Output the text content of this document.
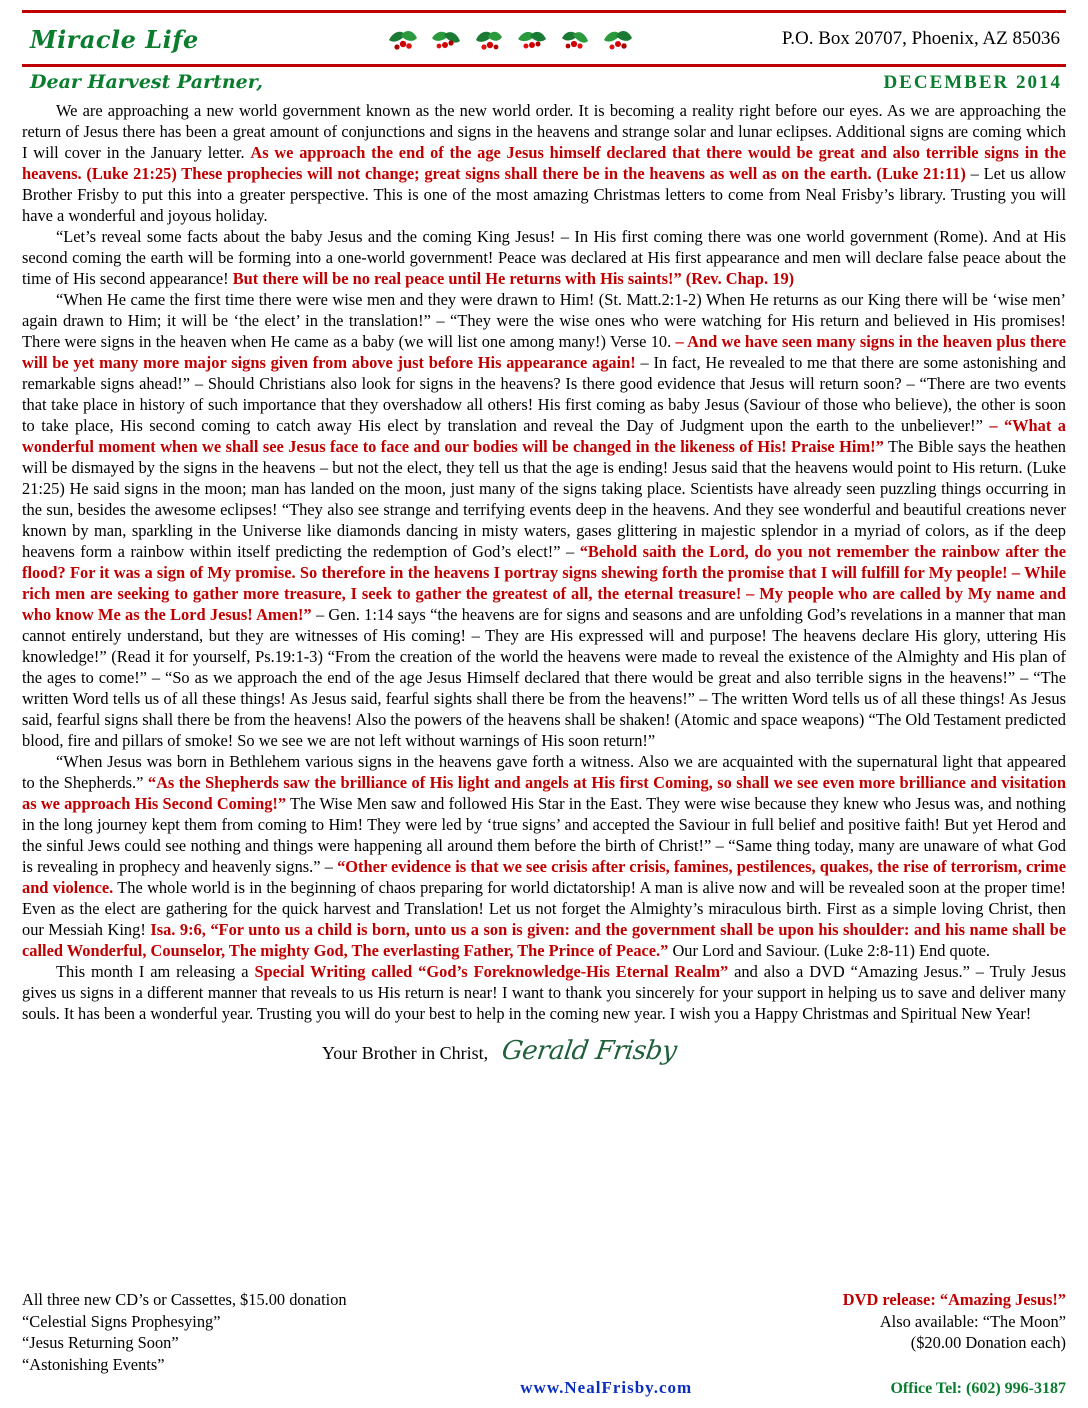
Miracle Life	P.O. Box 20707, Phoenix, AZ 85036
Dear Harvest Partner,	DECEMBER 2014

We are approaching a new world government known as the new world order. It is becoming a reality right before our eyes. As we are approaching the return of Jesus there has been a great amount of conjunctions and signs in the heavens and strange solar and lunar eclipses. Additional signs are coming which I will cover in the January letter. As we approach the end of the age Jesus himself declared that there would be great and also terrible signs in the heavens. (Luke 21:25) These prophecies will not change; great signs shall there be in the heavens as well as on the earth. (Luke 21:11) – Let us allow Brother Frisby to put this into a greater perspective. This is one of the most amazing Christmas letters to come from Neal Frisby’s library. Trusting you will have a wonderful and joyous holiday.

“Let’s reveal some facts about the baby Jesus and the coming King Jesus! – In His first coming there was one world government (Rome). And at His second coming the earth will be forming into a one-world government! Peace was declared at His first appearance and men will declare false peace about the time of His second appearance! But there will be no real peace until He returns with His saints!” (Rev. Chap. 19)

“When He came the first time there were wise men and they were drawn to Him! (St. Matt.2:1-2) When He returns as our King there will be ‘wise men’ again drawn to Him; it will be ‘the elect’ in the translation!” – “They were the wise ones who were watching for His return and believed in His promises! There were signs in the heaven when He came as a baby (we will list one among many!) Verse 10. – And we have seen many signs in the heaven plus there will be yet many more major signs given from above just before His appearance again! – In fact, He revealed to me that there are some astonishing and remarkable signs ahead!” – Should Christians also look for signs in the heavens? Is there good evidence that Jesus will return soon? – “There are two events that take place in history of such importance that they overshadow all others! His first coming as baby Jesus (Saviour of those who believe), the other is soon to take place, His second coming to catch away His elect by translation and reveal the Day of Judgment upon the earth to the unbeliever!” – “What a wonderful moment when we shall see Jesus face to face and our bodies will be changed in the likeness of His! Praise Him!” The Bible says the heathen will be dismayed by the signs in the heavens – but not the elect, they tell us that the age is ending! Jesus said that the heavens would point to His return. (Luke 21:25) He said signs in the moon; man has landed on the moon, just many of the signs taking place. Scientists have already seen puzzling things occurring in the sun, besides the awesome eclipses! “They also see strange and terrifying events deep in the heavens. And they see wonderful and beautiful creations never known by man, sparkling in the Universe like diamonds dancing in misty waters, gases glittering in majestic splendor in a myriad of colors, as if the deep heavens form a rainbow within itself predicting the redemption of God’s elect!” – “Behold saith the Lord, do you not remember the rainbow after the flood? For it was a sign of My promise. So therefore in the heavens I portray signs shewing forth the promise that I will fulfill for My people! – While rich men are seeking to gather more treasure, I seek to gather the greatest of all, the eternal treasure! – My people who are called by My name and who know Me as the Lord Jesus! Amen!” – Gen. 1:14 says “the heavens are for signs and seasons and are unfolding God’s revelations in a manner that man cannot entirely understand, but they are witnesses of His coming! – They are His expressed will and purpose! The heavens declare His glory, uttering His knowledge!” (Read it for yourself, Ps.19:1-3) “From the creation of the world the heavens were made to reveal the existence of the Almighty and His plan of the ages to come!” – “So as we approach the end of the age Jesus Himself declared that there would be great and also terrible signs in the heavens!” – “The written Word tells us of all these things! As Jesus said, fearful sights shall there be from the heavens!” – The written Word tells us of all these things! As Jesus said, fearful signs shall there be from the heavens! Also the powers of the heavens shall be shaken! (Atomic and space weapons) “The Old Testament predicted blood, fire and pillars of smoke! So we see we are not left without warnings of His soon return!”

“When Jesus was born in Bethlehem various signs in the heavens gave forth a witness. Also we are acquainted with the supernatural light that appeared to the Shepherds.” “As the Shepherds saw the brilliance of His light and angels at His first Coming, so shall we see even more brilliance and visitation as we approach His Second Coming!” The Wise Men saw and followed His Star in the East. They were wise because they knew who Jesus was, and nothing in the long journey kept them from coming to Him! They were led by ‘true signs’ and accepted the Saviour in full belief and positive faith! But yet Herod and the sinful Jews could see nothing and things were happening all around them before the birth of Christ!” – “Same thing today, many are unaware of what God is revealing in prophecy and heavenly signs.” – “Other evidence is that we see crisis after crisis, famines, pestilences, quakes, the rise of terrorism, crime and violence. The whole world is in the beginning of chaos preparing for world dictatorship! A man is alive now and will be revealed soon at the proper time! Even as the elect are gathering for the quick harvest and Translation! Let us not forget the Almighty’s miraculous birth. First as a simple loving Christ, then our Messiah King! Isa. 9:6, “For unto us a child is born, unto us a son is given: and the government shall be upon his shoulder: and his name shall be called Wonderful, Counselor, The mighty God, The everlasting Father, The Prince of Peace.” Our Lord and Saviour. (Luke 2:8-11) End quote.

This month I am releasing a Special Writing called “God’s Foreknowledge-His Eternal Realm” and also a DVD “Amazing Jesus.” – Truly Jesus gives us signs in a different manner that reveals to us His return is near! I want to thank you sincerely for your support in helping us to save and deliver many souls. It has been a wonderful year. Trusting you will do your best to help in the coming new year. I wish you a Happy Christmas and Spiritual New Year!

Your Brother in Christ, Gerald Frisby
All three new CD’s or Cassettes, $15.00 donation
“Celestial Signs Prophesying”
“Jesus Returning Soon”
“Astonishing Events”
DVD release: “Amazing Jesus!”
Also available: “The Moon”
($20.00 Donation each)
www.NealFrisby.com	Office Tel: (602) 996-3187
